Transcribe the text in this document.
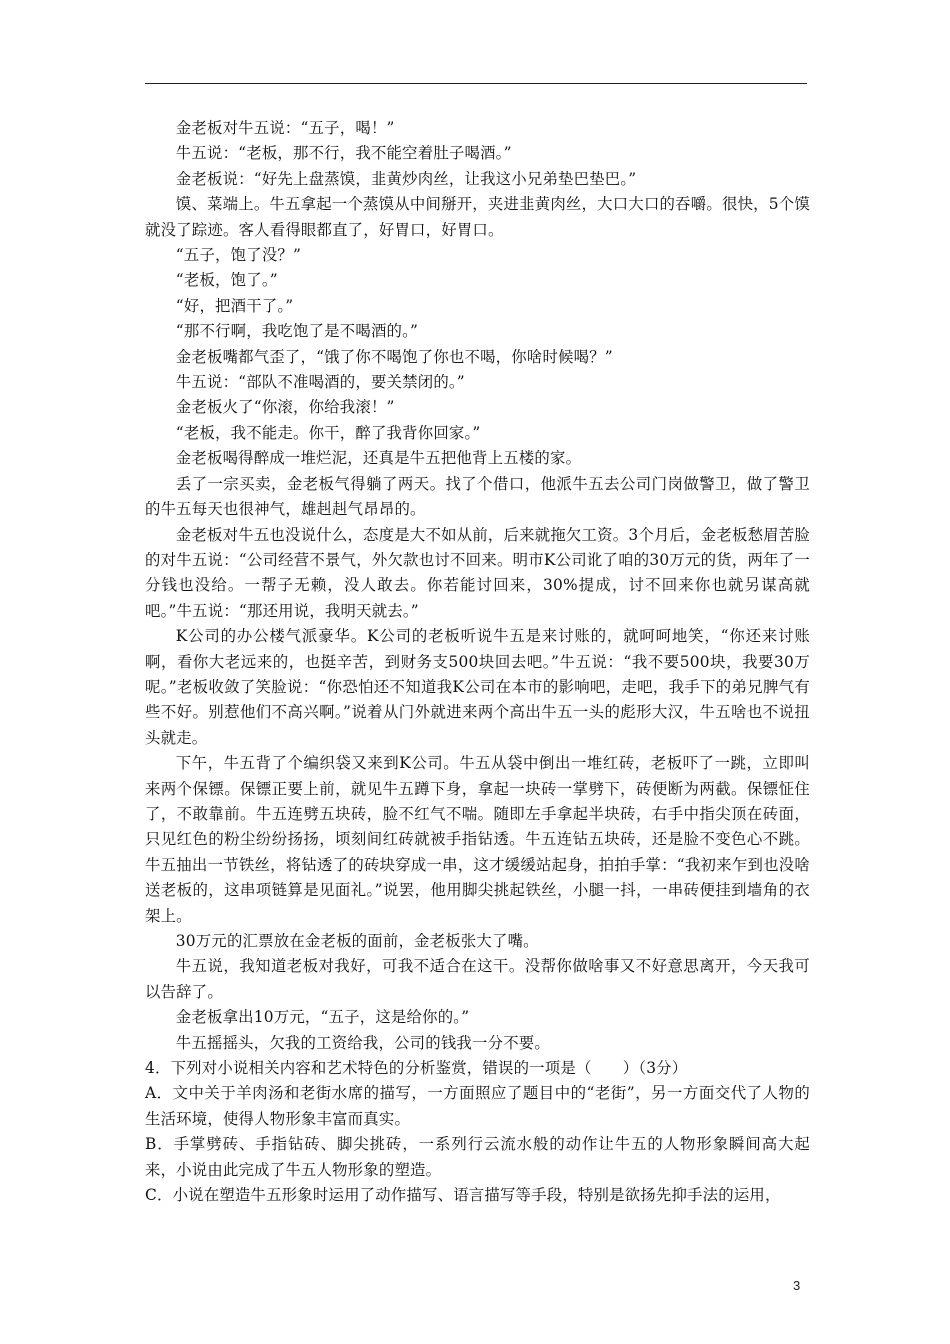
金老板对牛五说：“五子，喝！”

牛五说：“老板，那不行，我不能空着肚子喝酒。”

金老板说：“好先上盘蒸馍，韭黄炒肉丝，让我这小兄弟垫巴垫巴。”

馍、菜端上。牛五拿起一个蒸馍从中间掰开，夹进韭黄肉丝，大口大口的吞嚼。很快，5个馍就没了踪迹。客人看得眼都直了，好胃口，好胃口。

“五子，饱了没？”

“老板，饱了。”

“好，把酒干了。”

“那不行啊，我吃饱了是不喝酒的。”

金老板嘴都气歪了，“饿了你不喝饱了你也不喝，你啥时候喝？”

牛五说：“部队不准喝酒的，要关禁闭的。”

金老板火了“你滚，你给我滚！”

“老板，我不能走。你干，醉了我背你回家。”

金老板喝得醉成一堆烂泥，还真是牛五把他背上五楼的家。

丢了一宗买卖，金老板气得躺了两天。找了个借口，他派牛五去公司门岗做警卫，做了警卫的牛五每天也很神气，雄赳赳气昂昂的。

金老板对牛五也没说什么，态度是大不如从前，后来就拖欠工资。3个月后，金老板愁眉苦脸的对牛五说：“公司经营不景气，外欠款也讨不回来。明市K公司讹了咱的30万元的货，两年了一分钱也没给。一帮子无赖，没人敢去。你若能讨回来，30%提成，讨不回来你也就另谋高就吧。”牛五说：“那还用说，我明天就去。”

K公司的办公楼气派豪华。K公司的老板听说牛五是来讨账的，就呵呵地笑，“你还来讨账啊，看你大老远来的，也挺辛苦，到财务支500块回去吧。”牛五说：“我不要500块，我要30万呢。”老板收敛了笑脸说：“你恐怕还不知道我K公司在本市的影响吧，走吧，我手下的弟兄脾气有些不好。别惹他们不高兴啊。”说着从门外就进来两个高出牛五一头的彪形大汉，牛五啥也不说扭头就走。

下午，牛五背了个编织袋又来到K公司。牛五从袋中倒出一堆红砖，老板吓了一跳，立即叫来两个保镖。保镖正要上前，就见牛五蹲下身，拿起一块砖一掌劈下，砖便断为两截。保镖怔住了，不敢靠前。牛五连劈五块砖，脸不红气不喘。随即左手拿起半块砖，右手中指尖顶在砖面，只见红色的粉尘纷纷扬扬，顷刻间红砖就被手指钻透。牛五连钻五块砖，还是脸不变色心不跳。牛五抽出一节铁丝，将钻透了的砖块穿成一串，这才缓缓站起身，拍拍手掌：“我初来乍到也没啥送老板的，这串项链算是见面礼。”说罢，他用脚尖挑起铁丝，小腿一抖，一串砖便挂到墙角的衣架上。

30万元的汇票放在金老板的面前，金老板张大了嘴。

牛五说，我知道老板对我好，可我不适合在这干。没帮你做啥事又不好意思离开，今天我可以告辞了。

金老板拿出10万元，“五子，这是给你的。”

牛五摇摇头，欠我的工资给我，公司的钱我一分不要。

4．下列对小说相关内容和艺术特色的分析鉴赏，错误的一项是（　　）（3分）

A．文中关于羊肉汤和老街水席的描写，一方面照应了题目中的“老街”，另一方面交代了人物的生活环境，使得人物形象丰富而真实。

B．手掌劈砖、手指钻砖、脚尖挑砖，一系列行云流水般的动作让牛五的人物形象瞬间高大起来，小说由此完成了牛五人物形象的塑造。

C．小说在塑造牛五形象时运用了动作描写、语言描写等手段，特别是欲扬先抑手法的运用，

3
